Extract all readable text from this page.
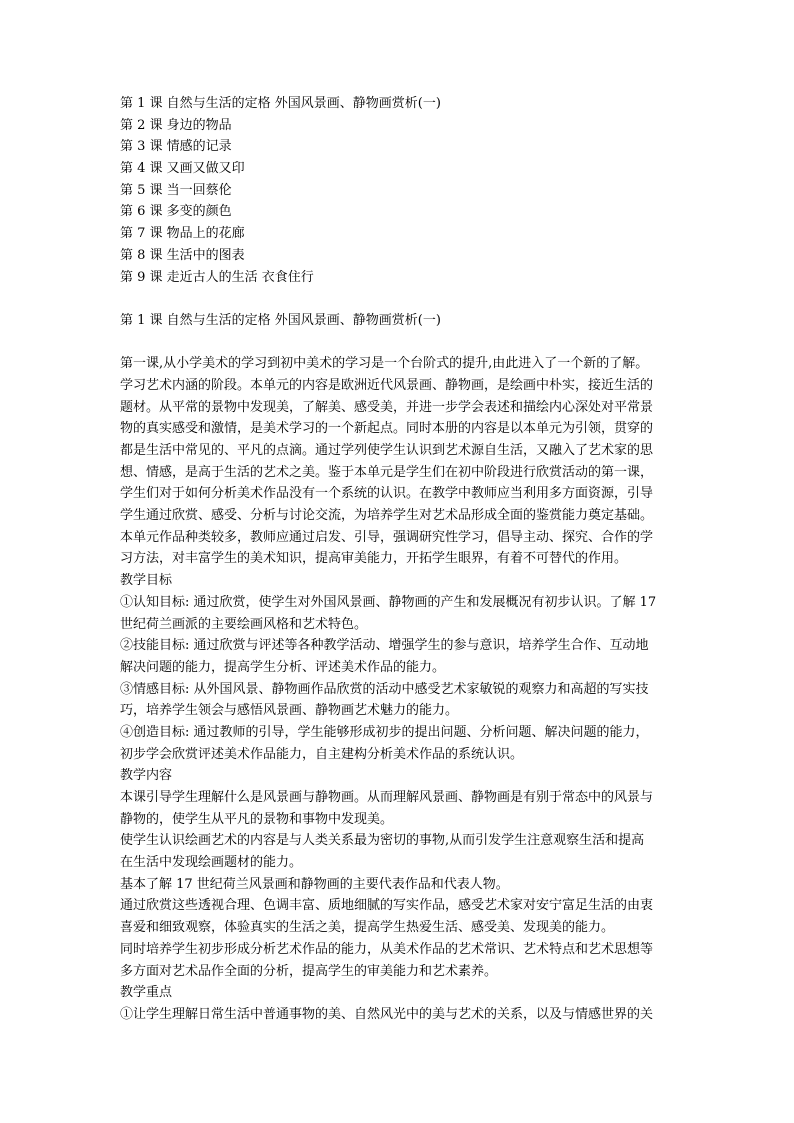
第 1 课 自然与生活的定格 外国风景画、静物画赏析(一)
第 2 课 身边的物品
第 3 课 情感的记录
第 4 课 又画又做又印
第 5 课 当一回蔡伦
第 6 课 多变的颜色
第 7 课 物品上的花廊
第 8 课 生活中的图表
第 9 课 走近古人的生活 衣食住行
第 1 课 自然与生活的定格 外国风景画、静物画赏析(一)
第一课,从小学美术的学习到初中美术的学习是一个台阶式的提升,由此进入了一个新的了解。
学习艺术内涵的阶段。本单元的内容是欧洲近代风景画、静物画，是绘画中朴实，接近生活的
题材。从平常的景物中发现美，了解美、感受美，并进一步学会表述和描绘内心深处对平常景
物的真实感受和激情，是美术学习的一个新起点。同时本册的内容是以本单元为引领，贯穿的
都是生活中常见的、平凡的点滴。通过学列使学生认识到艺术源自生活，又融入了艺术家的思
想、情感，是高于生活的艺术之美。鉴于本单元是学生们在初中阶段进行欣赏活动的第一课，
学生们对于如何分析美术作品没有一个系统的认识。在教学中教师应当利用多方面资源，引导
学生通过欣赏、感受、分析与讨论交流，为培养学生对艺术品形成全面的鉴赏能力奠定基础。
本单元作品种类较多，教师应通过启发、引导，强调研究性学习，倡导主动、探究、合作的学
习方法，对丰富学生的美术知识，提高审美能力，开拓学生眼界，有着不可替代的作用。
教学目标
①认知目标: 通过欣赏，使学生对外国风景画、静物画的产生和发展概况有初步认识。了解 17
世纪荷兰画派的主要绘画风格和艺术特色。
②技能目标: 通过欣赏与评述等各种教学活动、增强学生的参与意识，培养学生合作、互动地
解决问题的能力，提高学生分析、评述美术作品的能力。
③情感目标: 从外国风景、静物画作品欣赏的活动中感受艺术家敏锐的观察力和高超的写实技
巧，培养学生领会与感悟风景画、静物画艺术魅力的能力。
④创造目标: 通过教师的引导，学生能够形成初步的提出问题、分析问题、解决问题的能力，
初步学会欣赏评述美术作品能力，自主建构分析美术作品的系统认识。
教学内容
本课引导学生理解什么是风景画与静物画。从而理解风景画、静物画是有别于常态中的风景与
静物的，使学生从平凡的景物和事物中发现美。
使学生认识绘画艺术的内容是与人类关系最为密切的事物,从而引发学生注意观察生活和提高
在生活中发现绘画题材的能力。
基本了解 17 世纪荷兰风景画和静物画的主要代表作品和代表人物。
通过欣赏这些透视合理、色调丰富、质地细腻的写实作品，感受艺术家对安宁富足生活的由衷
喜爱和细致观察，体验真实的生活之美，提高学生热爱生活、感受美、发现美的能力。
同时培养学生初步形成分析艺术作品的能力，从美术作品的艺术常识、艺术特点和艺术思想等
多方面对艺术品作全面的分析，提高学生的审美能力和艺术素养。
教学重点
①让学生理解日常生活中普通事物的美、自然风光中的美与艺术的关系，以及与情感世界的关
